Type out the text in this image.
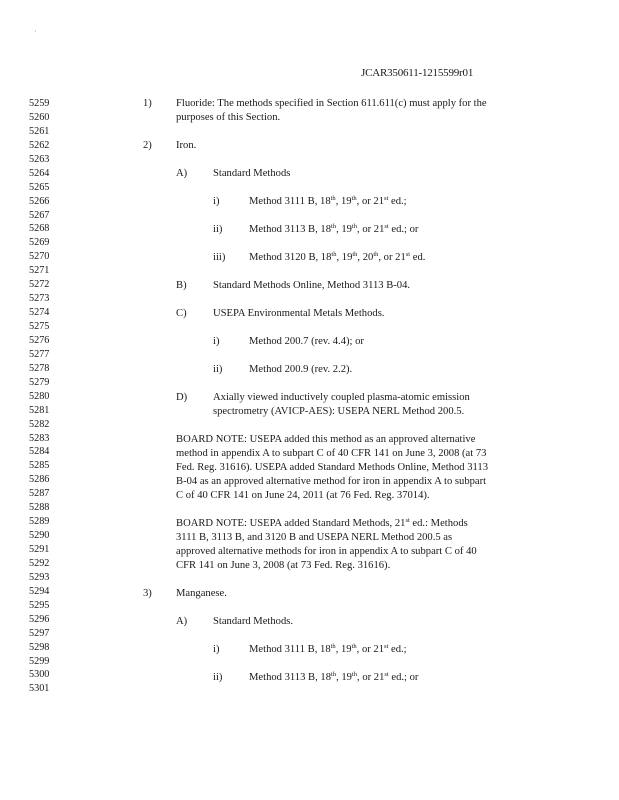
·
JCAR350611-1215599r01
5259
5260
5261
5262
5263
5264
5265
5266
5267
5268
5269
5270
5271
5272
5273
5274
5275
5276
5277
5278
5279
5280
5281
5282
5283
5284
5285
5286
5287
5288
5289
5290
5291
5292
5293
5294
5295
5296
5297
5298
5299
5300
5301
1) Fluoride: The methods specified in Section 611.611(c) must apply for the
purposes of this Section.
2) Iron.
A) Standard Methods
i)	Method 3111 B, 18th, 19th, or 21st ed.;
ii)	Method 3113 B, 18th, 19th, or 21st ed.; or
iii) Method 3120 B, 18th, 19th, 20th, or 21st ed.
B) Standard Methods Online, Method 3113 B-04.
C) USEPA Environmental Metals Methods.
i)	Method 200.7 (rev. 4.4); or
ii)	Method 200.9 (rev. 2.2).
D) Axially viewed inductively coupled plasma-atomic emission
spectrometry (AVICP-AES): USEPA NERL Method 200.5.
BOARD NOTE: USEPA added this method as an approved alternative
method in appendix A to subpart C of 40 CFR 141 on June 3, 2008 (at 73
Fed. Reg. 31616). USEPA added Standard Methods Online, Method 3113
B-04 as an approved alternative method for iron in appendix A to subpart
C of 40 CFR 141 on June 24, 2011 (at 76 Fed. Reg. 37014).
BOARD NOTE: USEPA added Standard Methods, 21st ed.: Methods
3111 B, 3113 B, and 3120 B and USEPA NERL Method 200.5 as
approved alternative methods for iron in appendix A to subpart C of 40
CFR 141 on June 3, 2008 (at 73 Fed. Reg. 31616).
3) Manganese.
A) Standard Methods.
i)	Method 3111 B, 18th, 19th, or 21st ed.;
ii)	Method 3113 B, 18th, 19th, or 21st ed.; or
